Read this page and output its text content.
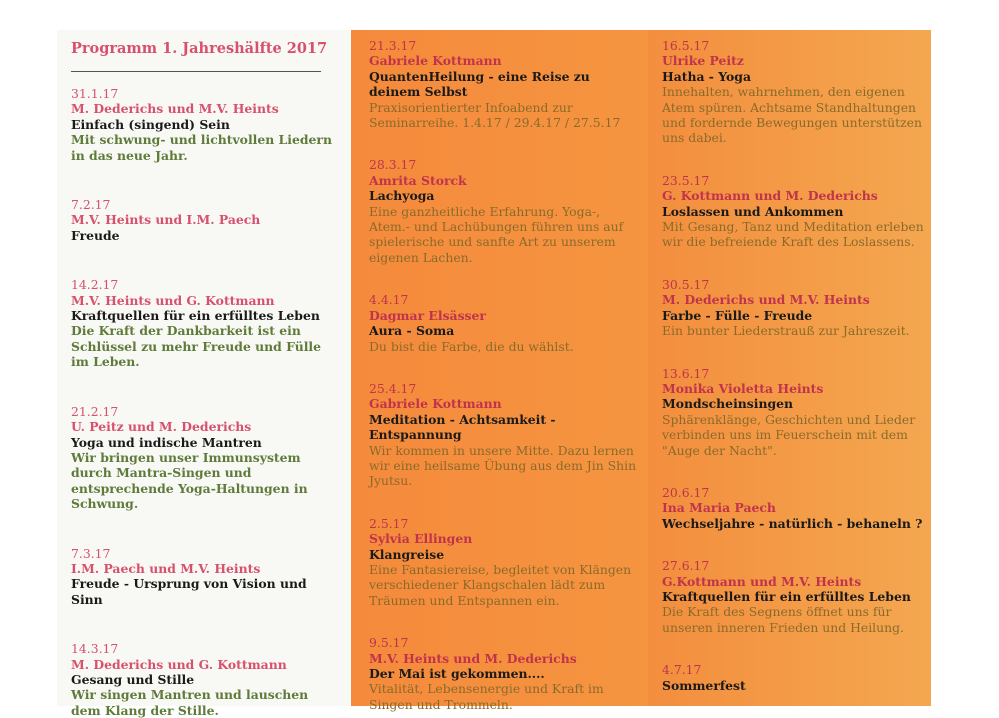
Programm 1. Jahreshälfte 2017
31.1.17
M. Dederichs und M.V. Heints
Einfach (singend) Sein
Mit schwung- und lichtvollen Liedern in das neue Jahr.
7.2.17
M.V. Heints und I.M. Paech
Freude
14.2.17
M.V. Heints und G. Kottmann
Kraftquellen für ein erfülltes Leben
Die Kraft der Dankbarkeit ist ein Schlüssel zu mehr Freude und Fülle im Leben.
21.2.17
U. Peitz und M. Dederichs
Yoga und indische Mantren
Wir bringen unser Immunsystem durch Mantra-Singen und entsprechende Yoga-Haltungen in Schwung.
7.3.17
I.M. Paech und M.V. Heints
Freude - Ursprung von Vision und Sinn
14.3.17
M. Dederichs und G. Kottmann
Gesang und Stille
Wir singen Mantren und lauschen dem Klang der Stille.
21.3.17
Gabriele Kottmann
QuantenHeilung - eine Reise zu deinem Selbst
Praxisorientierter Infoabend zur Seminarreihe. 1.4.17 / 29.4.17 / 27.5.17
28.3.17
Amrita Storck
Lachyoga
Eine ganzheitliche Erfahrung. Yoga-, Atem.- und Lachübungen führen uns auf spielerische und sanfte Art zu unserem eigenen Lachen.
4.4.17
Dagmar Elsässer
Aura - Soma
Du bist die Farbe, die du wählst.
25.4.17
Gabriele Kottmann
Meditation - Achtsamkeit - Entspannung
Wir kommen in unsere Mitte. Dazu lernen wir eine heilsame Übung aus dem Jin Shin Jyutsu.
2.5.17
Sylvia Ellingen
Klangreise
Eine Fantasiereise, begleitet von Klängen verschiedener Klangschalen lädt zum Träumen und Entspannen ein.
9.5.17
M.V. Heints und M. Dederichs
Der Mai ist gekommen....
Vitalität, Lebensenergie und Kraft im Singen und Trommeln.
16.5.17
Ulrike Peitz
Hatha - Yoga
Innehalten, wahrnehmen, den eigenen Atem spüren. Achtsame Standhaltungen und fordernde Bewegungen unterstützen uns dabei.
23.5.17
G. Kottmann und M. Dederichs
Loslassen und Ankommen
Mit Gesang, Tanz und Meditation erleben wir die befreiende Kraft des Loslassens.
30.5.17
M. Dederichs und M.V. Heints
Farbe - Fülle - Freude
Ein bunter Liederstrauß zur Jahreszeit.
13.6.17
Monika Violetta Heints
Mondscheinsingen
Sphärenklänge, Geschichten und Lieder verbinden uns im Feuerschein mit dem "Auge der Nacht".
20.6.17
Ina Maria Paech
Wechseljahre - natürlich - behaneln ?
27.6.17
G.Kottmann und M.V. Heints
Kraftquellen für ein erfülltes Leben
Die Kraft des Segnens öffnet uns für unseren inneren Frieden und Heilung.
4.7.17
Sommerfest
